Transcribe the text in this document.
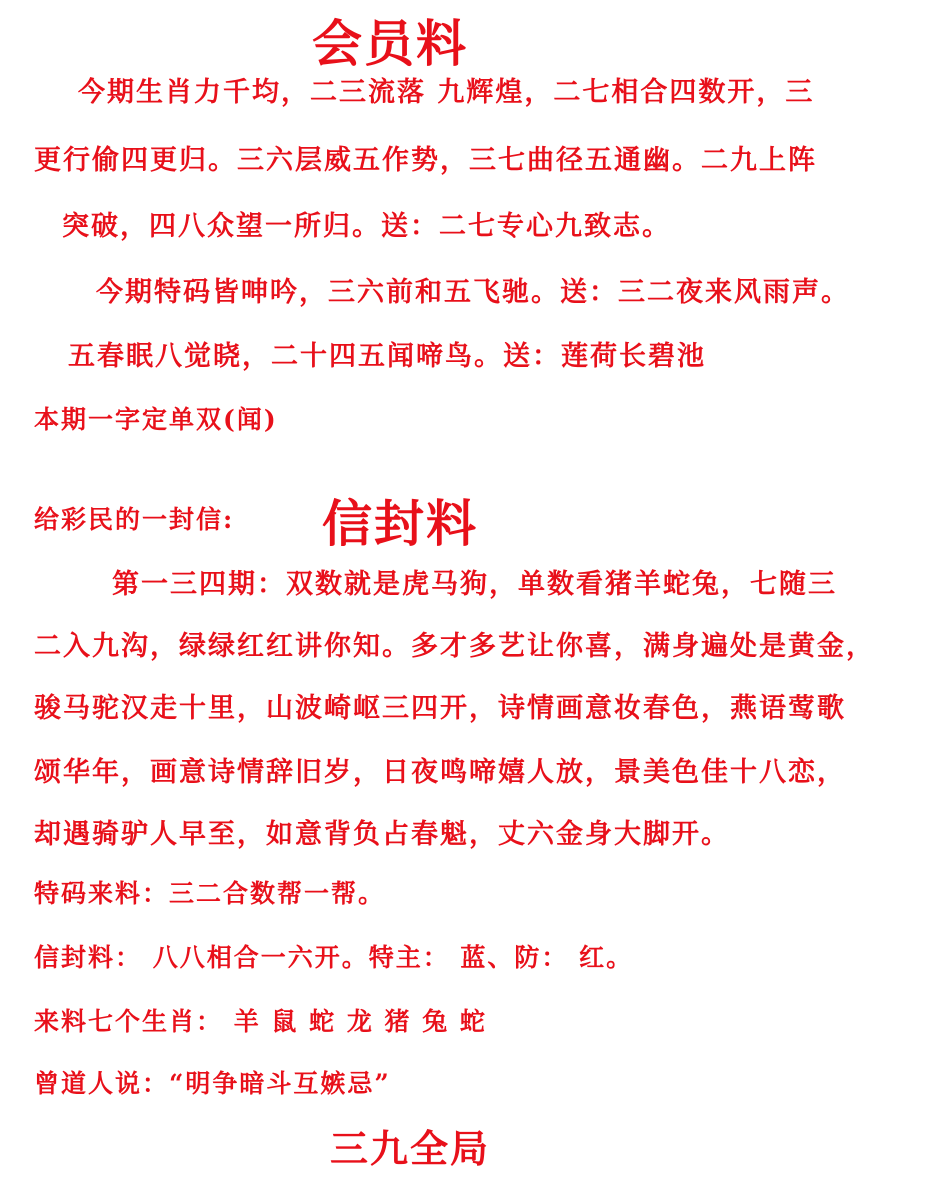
会员料
今期生肖力千均，二三流落 九辉煌，二七相合四数开，三
更行偷四更归。三六层威五作势，三七曲径五通幽。二九上阵
突破，四八众望一所归。送：二七专心九致志。
今期特码皆呻吟，三六前和五飞驰。送：三二夜来风雨声。
五春眠八觉晓，二十四五闻啼鸟。送：莲荷长碧池
本期一字定单双(闻)
给彩民的一封信: 信封料
第一三四期：双数就是虎马狗，单数看猪羊蛇兔，七随三
二入九沟，绿绿红红讲你知。多才多艺让你喜，满身遍处是黄金，
骏马驼汉走十里，山波崎岖三四开，诗情画意妆春色，燕语莺歌
颂华年，画意诗情辞旧岁，日夜鸣啼嬉人放，景美色佳十八恋，
却遇骑驴人早至，如意背负占春魁，丈六金身大脚开。
特码来料：三二合数帮一帮。
信封料： 八八相合一六开。特主： 蓝、防： 红。
来料七个生肖： 羊 鼠 蛇 龙 猪 兔 蛇
曾道人说：“明争暗斗互嫉忌”
三九全局
